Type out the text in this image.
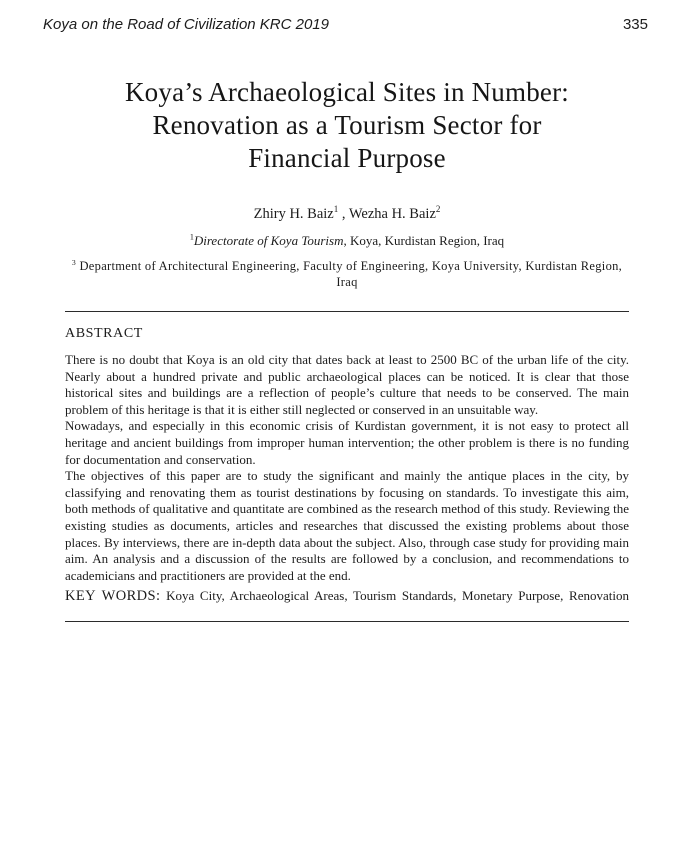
Koya on the Road of Civilization KRC 2019	335
Koya’s Archaeological Sites in Number:
Renovation as a Tourism Sector for
Financial Purpose

Zhiry H. Baiz$^1$ , Wezha H. Baiz$^2$

$^1$Directorate of Koya Tourism, Koya, Kurdistan Region, Iraq

$^3$ Department of Architectural Engineering, Faculty of Engineering, Koya University, Kurdistan Region, Iraq

ABSTRACT

There is no doubt that Koya is an old city that dates back at least to 2500 BC of the urban life of the city. Nearly about a hundred private and public archaeological places can be noticed. It is clear that those historical sites and buildings are a reflection of people’s culture that needs to be conserved. The main problem of this heritage is that it is either still neglected or conserved in an unsuitable way.

Nowadays, and especially in this economic crisis of Kurdistan government, it is not easy to protect all heritage and ancient buildings from improper human intervention; the other problem is there is no funding for documentation and conservation.

The objectives of this paper are to study the significant and mainly the antique places in the city, by classifying and renovating them as tourist destinations by focusing on standards. To investigate this aim, both methods of qualitative and quantitate are combined as the research method of this study. Reviewing the existing studies as documents, articles and researches that discussed the existing problems about those places. By interviews, there are in-depth data about the subject. Also, through case study for providing main aim. An analysis and a discussion of the results are followed by a conclusion, and recommendations to academicians and practitioners are provided at the end.

KEY WORDS: Koya City, Archaeological Areas, Tourism Standards, Monetary Purpose, Renovation
